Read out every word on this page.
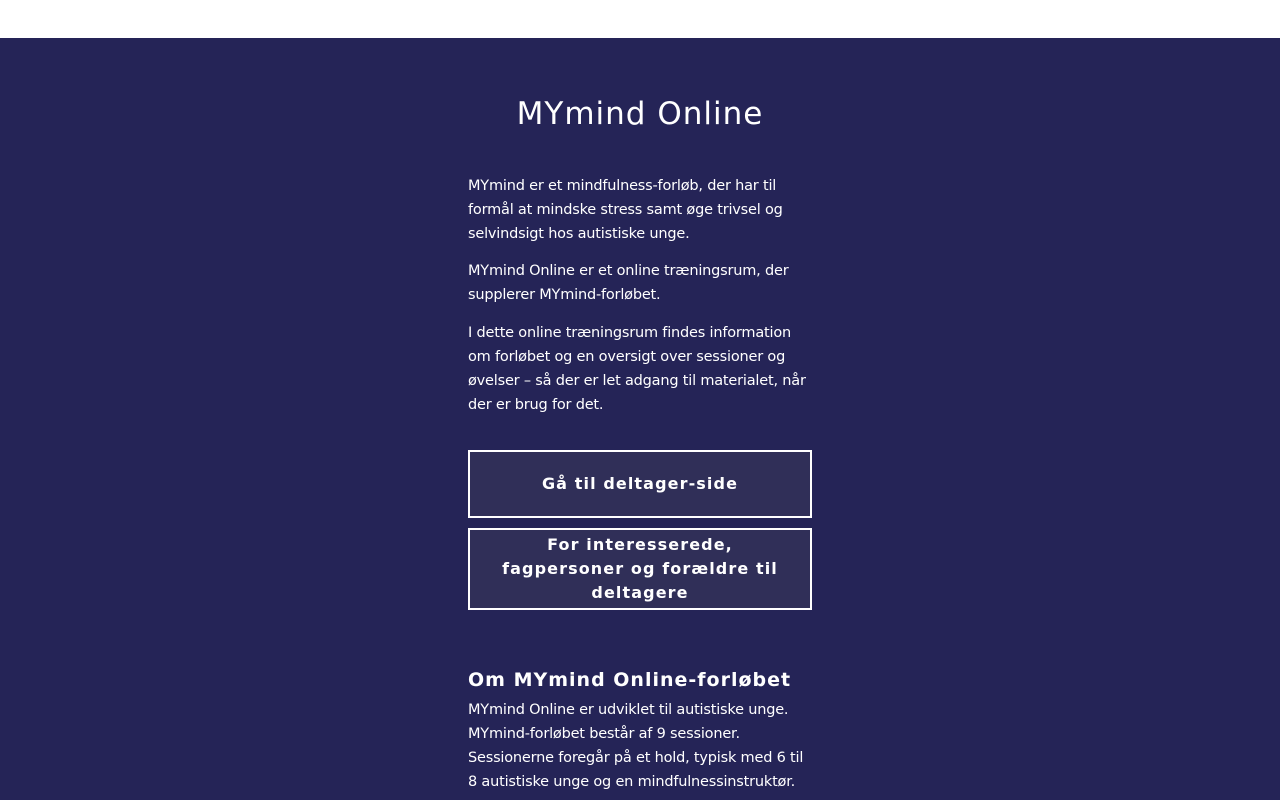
MYmind Online

MYmind er et mindfulness-forløb, der har til formål at mindske stress samt øge trivsel og selvindsigt hos autistiske unge.

MYmind Online er et online træningsrum, der supplerer MYmind-forløbet.

I dette online træningsrum findes information om forløbet og en oversigt over sessioner og øvelser – så der er let adgang til materialet, når der er brug for det.

Gå til deltager-side
For interesserede, fagpersoner og forældre til deltagere
Om MYmind Online-forløbet

MYmind Online er udviklet til autistiske unge. MYmind-forløbet består af 9 sessioner. Sessionerne foregår på et hold, typisk med 6 til 8 autistiske unge og en mindfulnessinstruktør.
